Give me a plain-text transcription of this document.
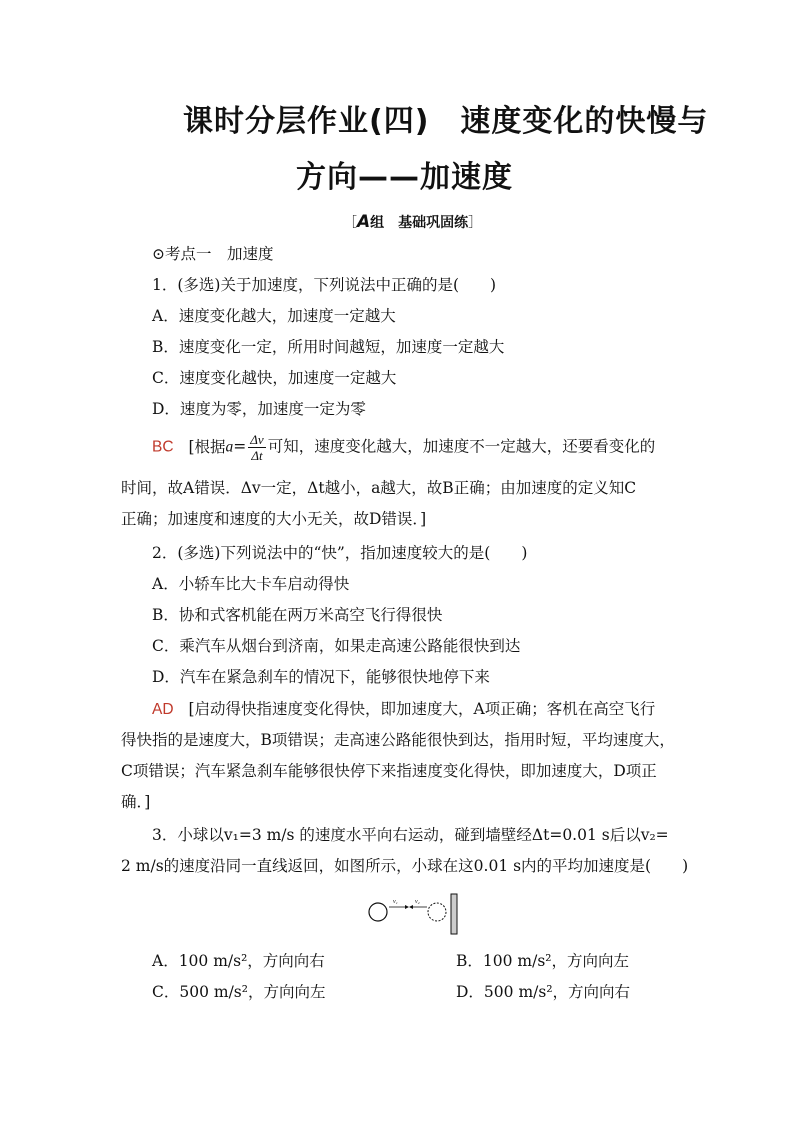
课时分层作业(四)　速度变化的快慢与
方向——加速度
［A组　基础巩固练］
⊙考点一　加速度
1．(多选)关于加速度，下列说法中正确的是(　　)
A．速度变化越大，加速度一定越大
B．速度变化一定，所用时间越短，加速度一定越大
C．速度变化越快，加速度一定越大
D．速度为零，加速度一定为零
BC [根据$a= \frac{\Delta v}{\Delta t}$ 可知，速度变化越大，加速度不一定越大，还要看变化的
时间，故A错误．Δv一定，Δt越小，a越大，故B正确；由加速度的定义知C
正确；加速度和速度的大小无关，故D错误．]
2．(多选)下列说法中的“快”，指加速度较大的是(　　)
A．小轿车比大卡车启动得快
B．协和式客机能在两万米高空飞行得很快
C．乘汽车从烟台到济南，如果走高速公路能很快到达
D．汽车在紧急刹车的情况下，能够很快地停下来
AD [启动得快指速度变化得快，即加速度大，A项正确；客机在高空飞行
得快指的是速度大，B项错误；走高速公路能很快到达，指用时短，平均速度大，
C项错误；汽车紧急刹车能够很快停下来指速度变化得快，即加速度大，D项正
确．]
3．小球以v₁=3 m/s 的速度水平向右运动，碰到墙壁经Δt=0.01 s后以v₂=
2 m/s的速度沿同一直线返回，如图所示，小球在这0.01 s内的平均加速度是(　　)
v₁	v₂
A．100 m/s²，方向向右	B．100 m/s²，方向向左
C．500 m/s²，方向向左	D．500 m/s²，方向向右
